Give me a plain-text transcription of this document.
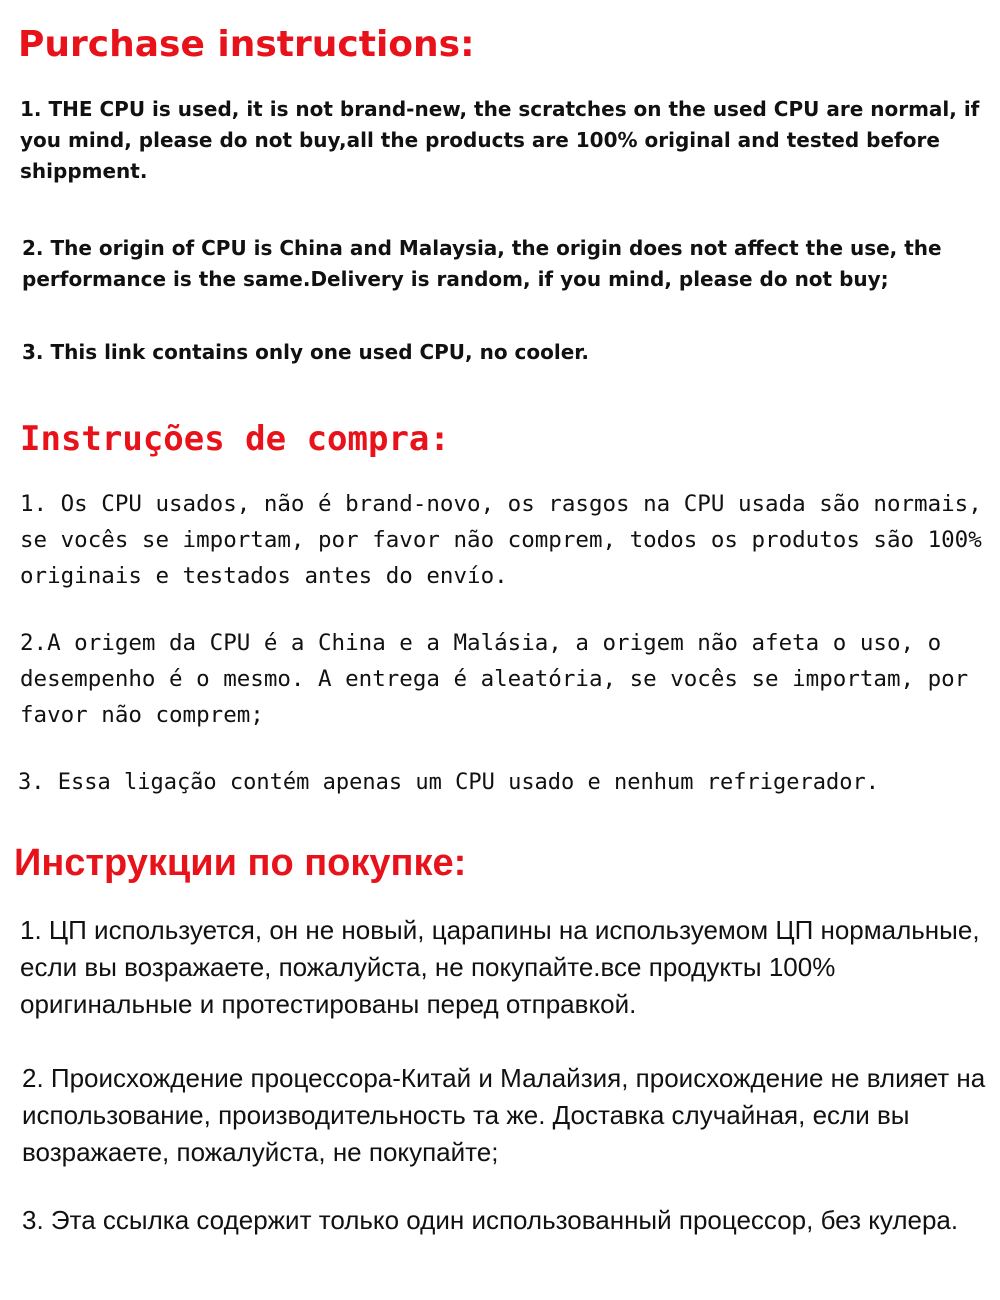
Purchase instructions:

1. THE CPU is used, it is not brand-new, the scratches on the used CPU are normal, if you mind, please do not buy,all the products are 100% original and tested before shippment.

2. The origin of CPU is China and Malaysia, the origin does not affect the use, the performance is the same.Delivery is random, if you mind, please do not buy;

3. This link contains only one used CPU, no cooler.

Instruções de compra:

1. Os CPU usados, não é brand-novo, os rasgos na CPU usada são normais, se vocês se importam, por favor não comprem, todos os produtos são 100% originais e testados antes do envío.

2.A origem da CPU é a China e a Malásia, a origem não afeta o uso, o desempenho é o mesmo. A entrega é aleatória, se vocês se importam, por favor não comprem;

3. Essa ligação contém apenas um CPU usado e nenhum refrigerador.

Инструкции по покупке:

1. ЦП используется, он не новый, царапины на используемом ЦП нормальные, если вы возражаете, пожалуйста, не покупайте.все продукты 100% оригинальные и протестированы перед отправкой.

2. Происхождение процессора-Китай и Малайзия, происхождение не влияет на использование, производительность та же. Доставка случайная, если вы возражаете, пожалуйста, не покупайте;

3. Эта ссылка содержит только один использованный процессор, без кулера.
